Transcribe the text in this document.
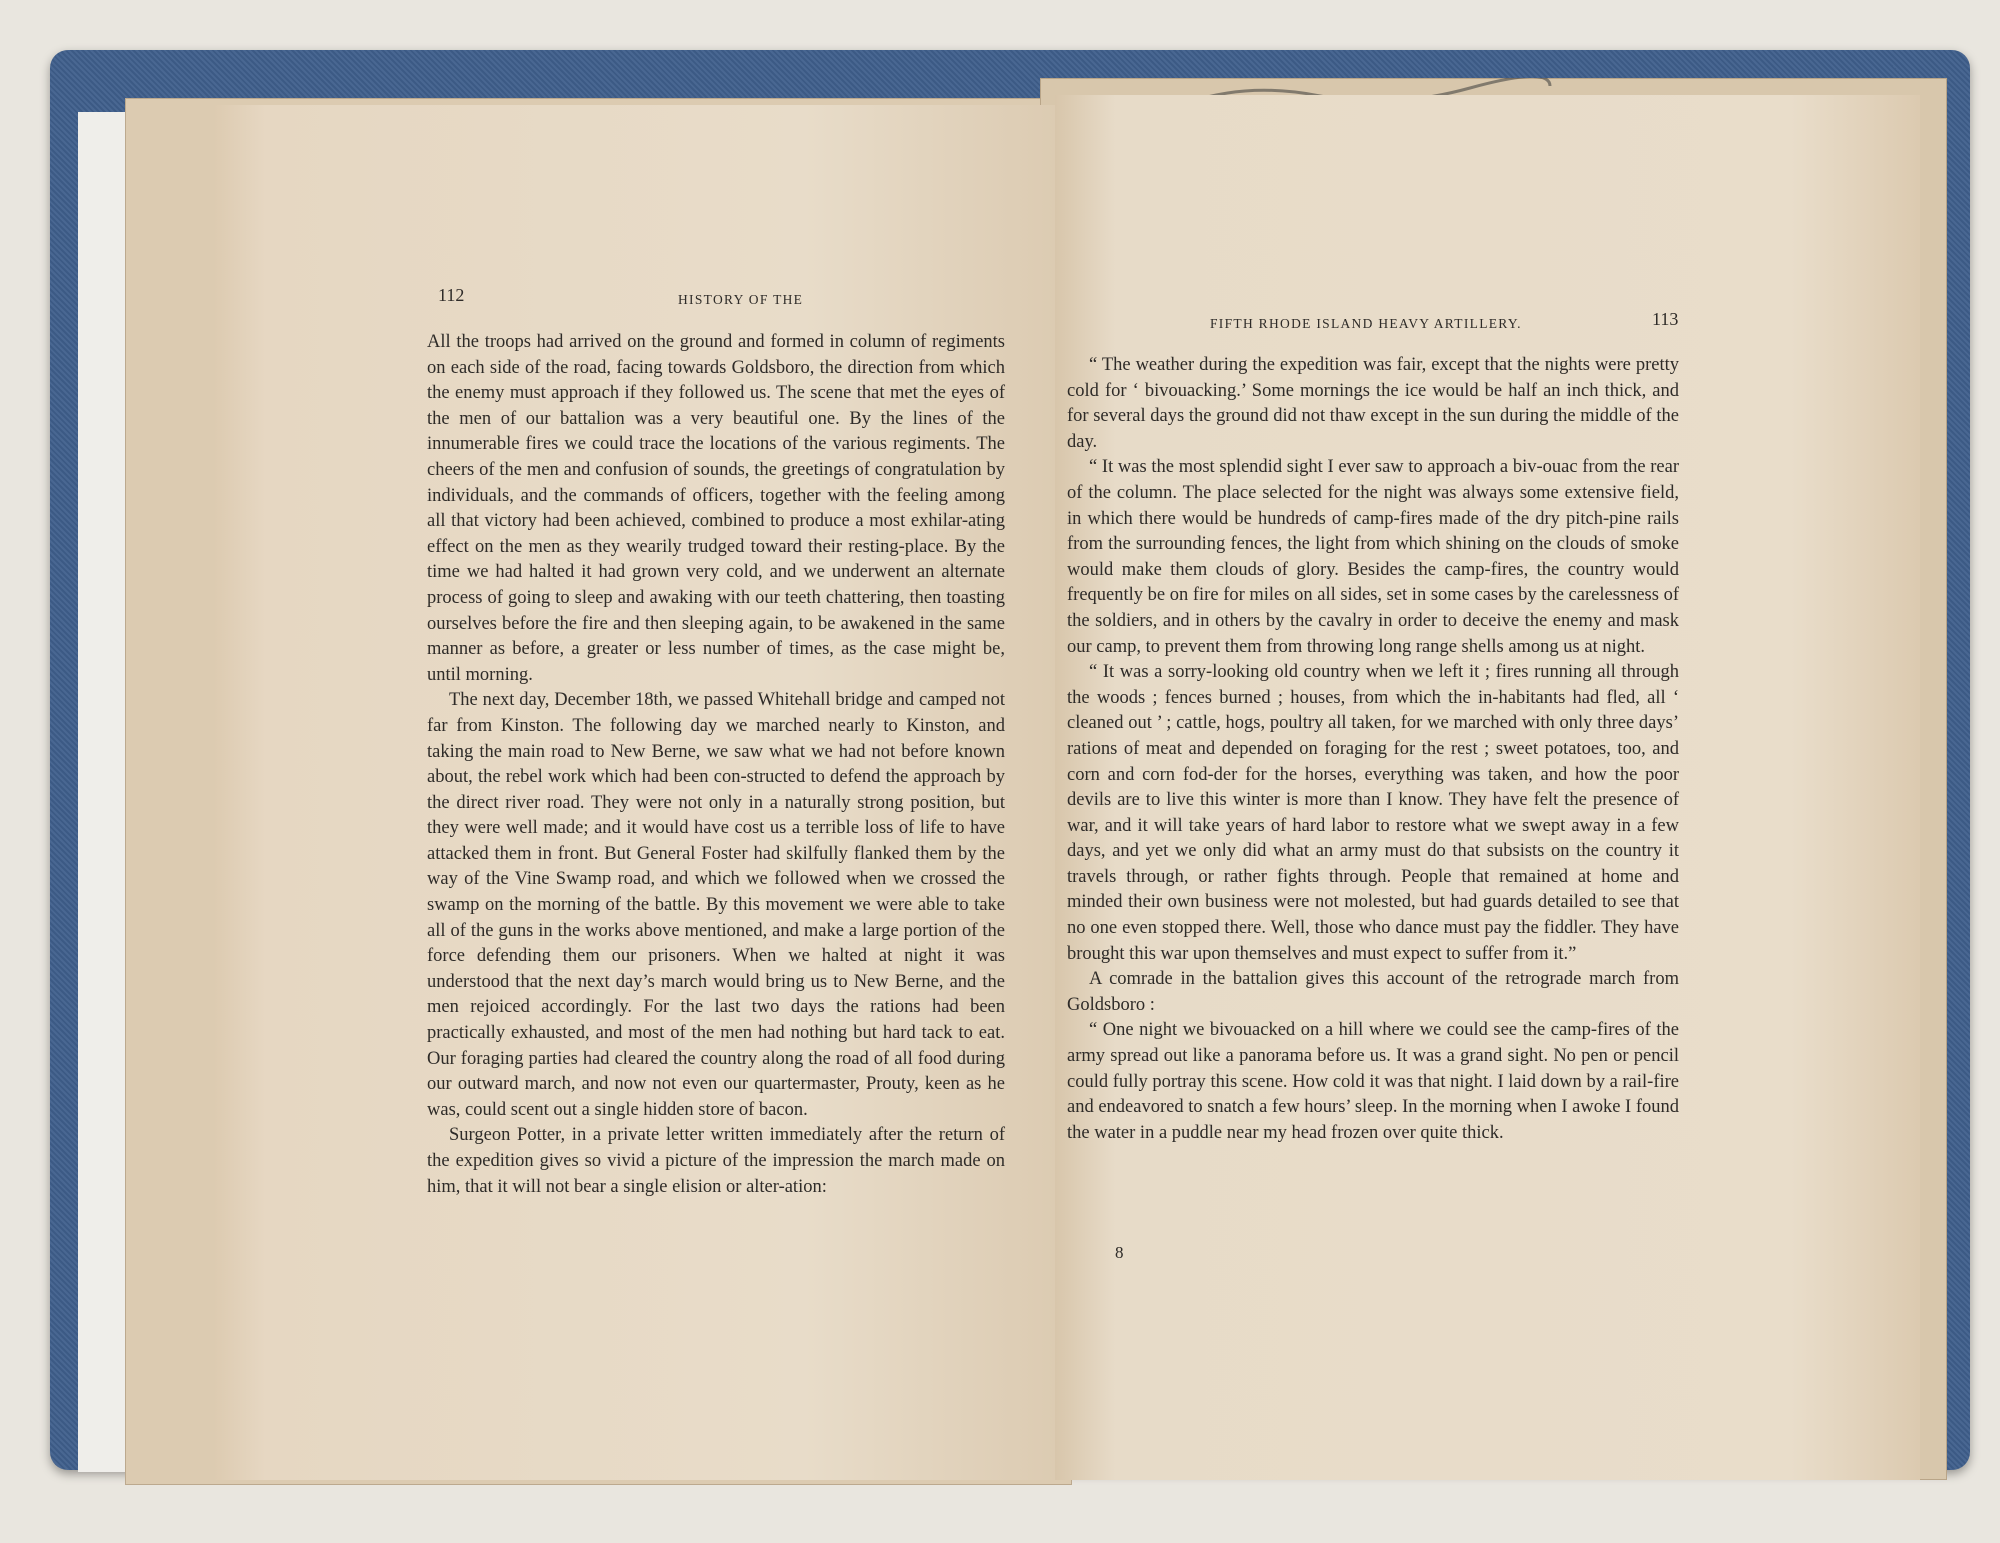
112	HISTORY OF THE

All the troops had arrived on the ground and formed in column of regiments on each side of the road, facing towards Goldsboro, the direction from which the enemy must approach if they followed us. The scene that met the eyes of the men of our battalion was a very beautiful one. By the lines of the innumerable fires we could trace the locations of the various regiments. The cheers of the men and confusion of sounds, the greetings of congratulation by individuals, and the commands of officers, together with the feeling among all that victory had been achieved, combined to produce a most exhilar-ating effect on the men as they wearily trudged toward their resting-place. By the time we had halted it had grown very cold, and we underwent an alternate process of going to sleep and awaking with our teeth chattering, then toasting ourselves before the fire and then sleeping again, to be awakened in the same manner as before, a greater or less number of times, as the case might be, until morning.

The next day, December 18th, we passed Whitehall bridge and camped not far from Kinston. The following day we marched nearly to Kinston, and taking the main road to New Berne, we saw what we had not before known about, the rebel work which had been con-structed to defend the approach by the direct river road. They were not only in a naturally strong position, but they were well made; and it would have cost us a terrible loss of life to have attacked them in front. But General Foster had skilfully flanked them by the way of the Vine Swamp road, and which we followed when we crossed the swamp on the morning of the battle. By this movement we were able to take all of the guns in the works above mentioned, and make a large portion of the force defending them our prisoners. When we halted at night it was understood that the next day’s march would bring us to New Berne, and the men rejoiced accordingly. For the last two days the rations had been practically exhausted, and most of the men had nothing but hard tack to eat. Our foraging parties had cleared the country along the road of all food during our outward march, and now not even our quartermaster, Prouty, keen as he was, could scent out a single hidden store of bacon.

Surgeon Potter, in a private letter written immediately after the return of the expedition gives so vivid a picture of the impression the march made on him, that it will not bear a single elision or alter-ation:

FIFTH RHODE ISLAND HEAVY ARTILLERY.	113

“ The weather during the expedition was fair, except that the nights were pretty cold for ‘ bivouacking.’ Some mornings the ice would be half an inch thick, and for several days the ground did not thaw except in the sun during the middle of the day.

“ It was the most splendid sight I ever saw to approach a biv-ouac from the rear of the column. The place selected for the night was always some extensive field, in which there would be hundreds of camp-fires made of the dry pitch-pine rails from the surrounding fences, the light from which shining on the clouds of smoke would make them clouds of glory. Besides the camp-fires, the country would frequently be on fire for miles on all sides, set in some cases by the carelessness of the soldiers, and in others by the cavalry in order to deceive the enemy and mask our camp, to prevent them from throwing long range shells among us at night.

“ It was a sorry-looking old country when we left it ; fires running all through the woods ; fences burned ; houses, from which the in-habitants had fled, all ‘ cleaned out ’ ; cattle, hogs, poultry all taken, for we marched with only three days’ rations of meat and depended on foraging for the rest ; sweet potatoes, too, and corn and corn fod-der for the horses, everything was taken, and how the poor devils are to live this winter is more than I know. They have felt the presence of war, and it will take years of hard labor to restore what we swept away in a few days, and yet we only did what an army must do that subsists on the country it travels through, or rather fights through. People that remained at home and minded their own business were not molested, but had guards detailed to see that no one even stopped there. Well, those who dance must pay the fiddler. They have brought this war upon themselves and must expect to suffer from it.”

A comrade in the battalion gives this account of the retrograde march from Goldsboro :

“ One night we bivouacked on a hill where we could see the camp-fires of the army spread out like a panorama before us. It was a grand sight. No pen or pencil could fully portray this scene. How cold it was that night. I laid down by a rail-fire and endeavored to snatch a few hours’ sleep. In the morning when I awoke I found the water in a puddle near my head frozen over quite thick.

8
